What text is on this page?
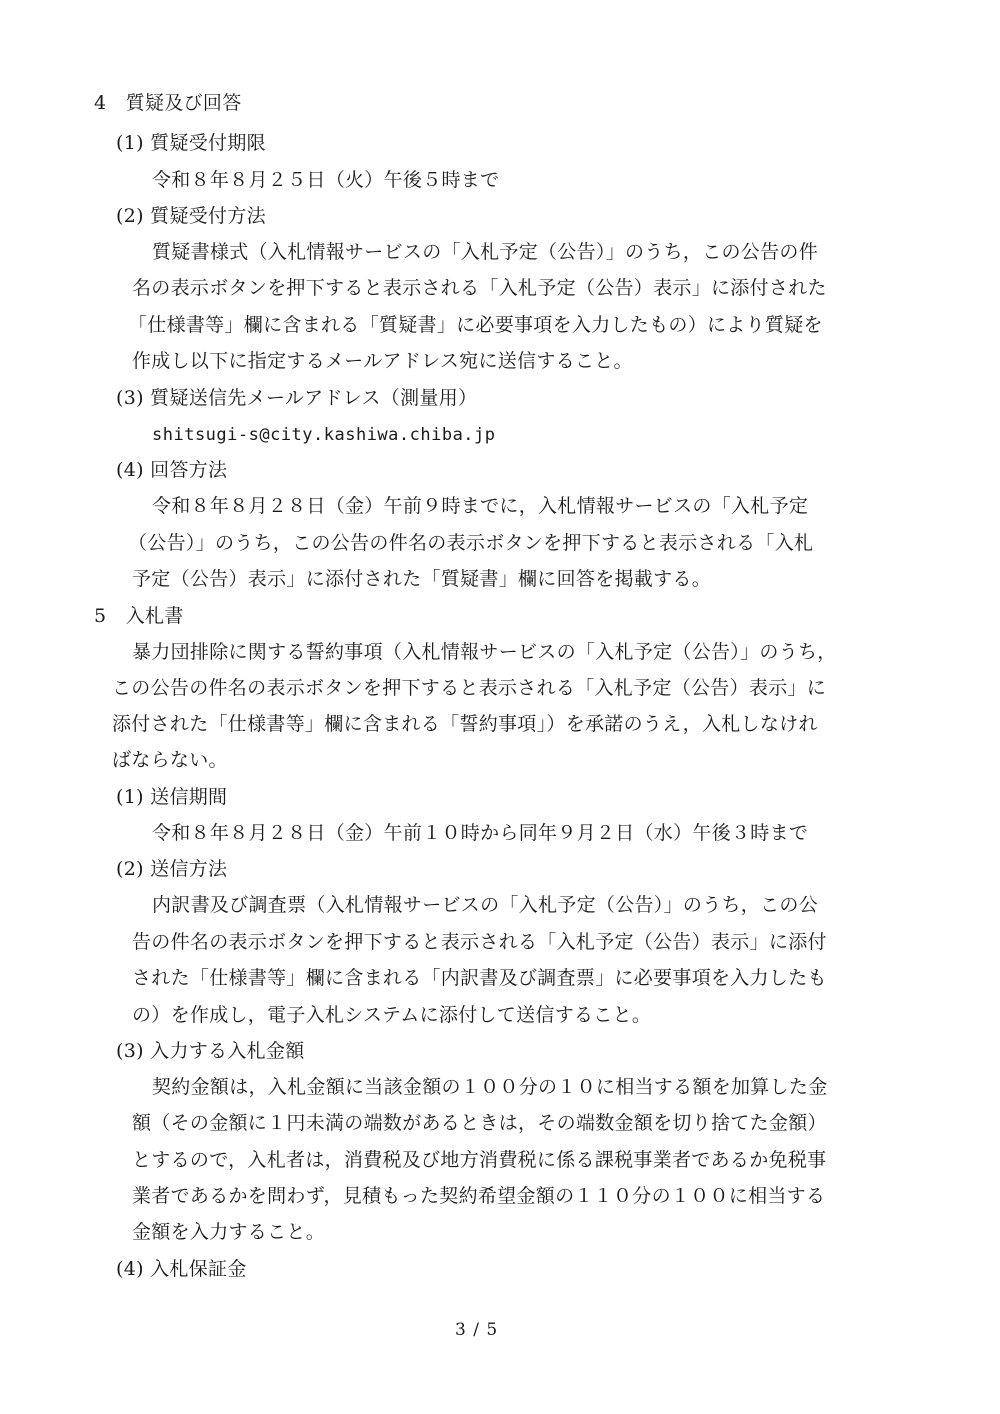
4　質疑及び回答
(1) 質疑受付期限
令和８年８月２５日（火）午後５時まで
(2) 質疑受付方法
質疑書様式（入札情報サービスの「入札予定（公告）」のうち，この公告の件
名の表示ボタンを押下すると表示される「入札予定（公告）表示」に添付された
「仕様書等」欄に含まれる「質疑書」に必要事項を入力したもの）により質疑を
作成し以下に指定するメールアドレス宛に送信すること。
(3) 質疑送信先メールアドレス（測量用）
shitsugi-s@city.kashiwa.chiba.jp
(4) 回答方法
令和８年８月２８日（金）午前９時までに，入札情報サービスの「入札予定
（公告）」のうち，この公告の件名の表示ボタンを押下すると表示される「入札
予定（公告）表示」に添付された「質疑書」欄に回答を掲載する。
5　入札書
暴力団排除に関する誓約事項（入札情報サービスの「入札予定（公告）」のうち，
この公告の件名の表示ボタンを押下すると表示される「入札予定（公告）表示」に
添付された「仕様書等」欄に含まれる「誓約事項」）を承諾のうえ，入札しなけれ
ばならない。
(1) 送信期間
令和８年８月２８日（金）午前１０時から同年９月２日（水）午後３時まで
(2) 送信方法
内訳書及び調査票（入札情報サービスの「入札予定（公告）」のうち，この公
告の件名の表示ボタンを押下すると表示される「入札予定（公告）表示」に添付
された「仕様書等」欄に含まれる「内訳書及び調査票」に必要事項を入力したも
の）を作成し，電子入札システムに添付して送信すること。
(3) 入力する入札金額
契約金額は，入札金額に当該金額の１００分の１０に相当する額を加算した金
額（その金額に１円未満の端数があるときは，その端数金額を切り捨てた金額）
とするので，入札者は，消費税及び地方消費税に係る課税事業者であるか免税事
業者であるかを問わず，見積もった契約希望金額の１１０分の１００に相当する
金額を入力すること。
(4) 入札保証金
3 / 5
